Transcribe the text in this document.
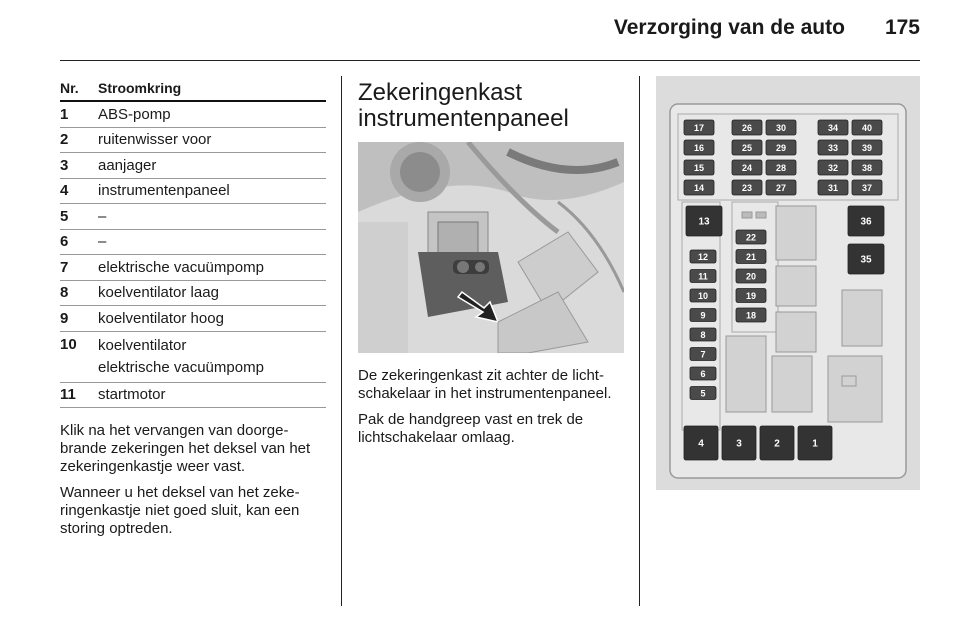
Verzorging van de auto 175
Nr.	Stroomkring
1	ABS-pomp
2	ruitenwisser voor
3	aanjager
4	instrumentenpaneel
5	–
6	–
7	elektrische vacuümpomp
8	koelventilator laag
9	koelventilator hoog
10	koelventilator
elektrische vacuümpomp

11	startmotor

Klik na het vervangen van doorgebrande zekeringen het deksel van het zekeringenkastje weer vast.

Wanneer u het deksel van het zekeringenkastje niet goed sluit, kan een storing optreden.

Zekeringenkast
instrumentenpaneel

De zekeringenkast zit achter de lichtschakelaar in het instrumentenpaneel.

Pak de handgreep vast en trek de lichtschakelaar omlaag.

17
16
15
14
26	30
25	29
24	28
23	27
34	40
33	39
32	38
31	37
13	36
35
12
11
10
9
8
7
6
5
22
21
20
19
18
4	3	2	1
